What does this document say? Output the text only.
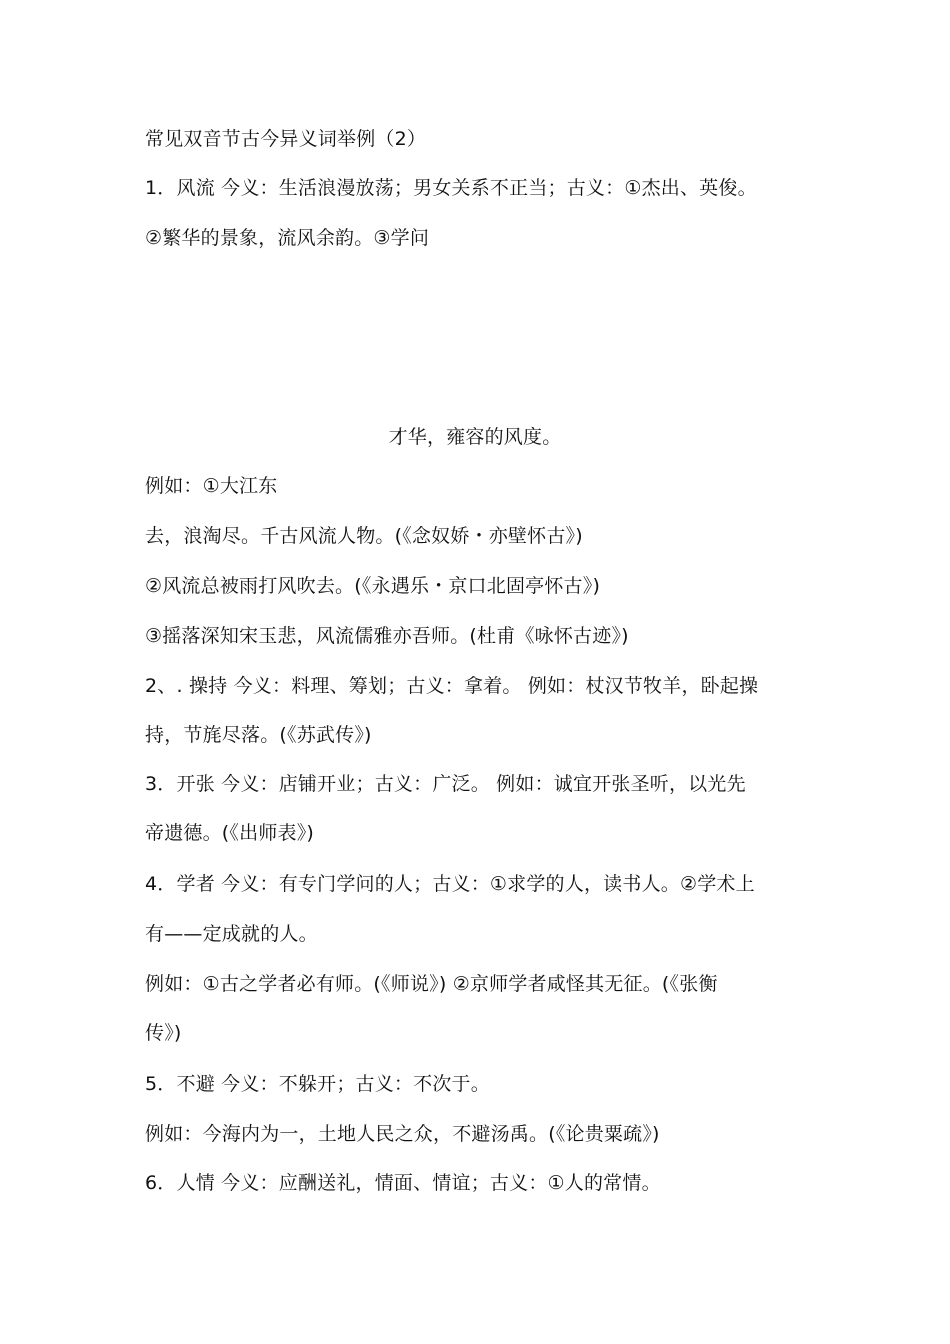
常见双音节古今异义词举例（2）
1．风流 今义：生活浪漫放荡；男女关系不正当；古义：①杰出、英俊。
②繁华的景象，流风余韵。③学问
才华，雍容的风度。
例如：①大江东
去，浪淘尽。千古风流人物。(《念奴娇・亦壁怀古》)
②风流总被雨打风吹去。(《永遇乐・京口北固亭怀古》)
③摇落深知宋玉悲，风流儒雅亦吾师。(杜甫《咏怀古迹》)
2、. 操持 今义：料理、筹划；古义：拿着。 例如：杖汉节牧羊，卧起操
持，节旄尽落。(《苏武传》)
3．开张 今义：店铺开业；古义：广泛。 例如：诚宜开张圣听，以光先
帝遗德。(《出师表》)
4．学者 今义：有专门学问的人；古义：①求学的人，读书人。②学术上
有——定成就的人。
例如：①古之学者必有师。(《师说》) ②京师学者咸怪其无征。(《张衡
传》)
5．不避 今义：不躲开；古义：不次于。
例如：今海内为一，土地人民之众，不避汤禹。(《论贵粟疏》)
6．人情 今义：应酬送礼，情面、情谊；古义：①人的常情。
